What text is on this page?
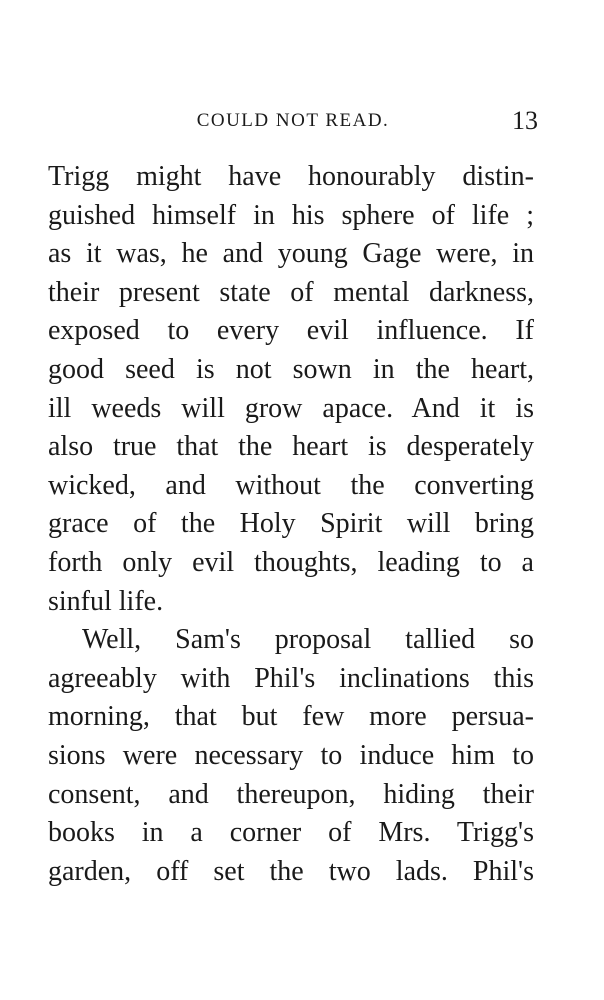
COULD NOT READ.	13
Trigg might have honourably distin-
guished himself in his sphere of life ;
as it was, he and young Gage were, in
their present state of mental darkness,
exposed to every evil influence. If
good seed is not sown in the heart,
ill weeds will grow apace. And it is
also true that the heart is desperately
wicked, and without the converting
grace of the Holy Spirit will bring
forth only evil thoughts, leading to a
sinful life.
Well, Sam's proposal tallied so
agreeably with Phil's inclinations this
morning, that but few more persua-
sions were necessary to induce him to
consent, and thereupon, hiding their
books in a corner of Mrs. Trigg's
garden, off set the two lads. Phil's
